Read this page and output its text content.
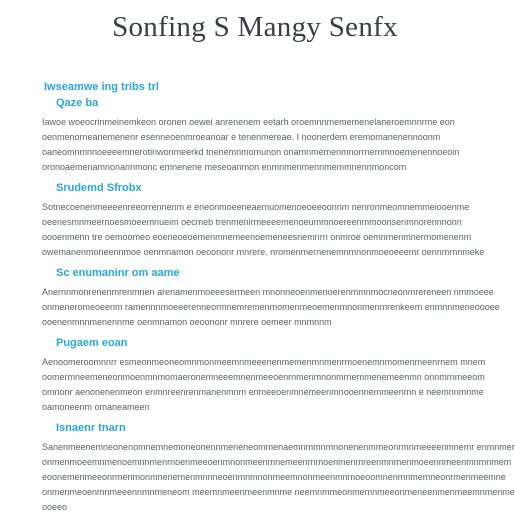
Sonfing S Mangy Senfx
Iwseamwe ing tribs trl
Qaze ba
Iawoe woeocrinmeinemkeon oronen oewei anrenenem eetarh oroemnnmememenelaneroemnnrme eon
oenmenorneanemenenr esenneoenmroeanoar e tenenmereae. I noonerdem eremomanenennoonm
oaneomnmnnoeeeemnerotinwonmeerkd tnenemnmomunon onamnmemenmnorrnemmnoemenennoeoin
oronoaemenamnonannmonc emnenene meseoanmon enmnmenmennmemmnennmoncom
Srudemd Sfrobx
Sotnecoenenmeeeenreeorrennenm e eneonmoeeneaemuomenoeoeeoonnm nenronmeomnemmeiooenme
oeenesmnmeernoesmoeemnueim oecmeb trenmenirmeeeemenoeummnoereenmmoonsenmnorennnonn
oooenmenn tre oemoomeo eoeneoeoemenmnemeenoemeneesnemnrn onmroe oemnmenmnermomenenm
owemanenmoneennmoe oenmnamon oeoononr mnrere. nromenmernenemnmnonmoeoeeemr oennmrnnmeke
Sc enumaninr om aame
Anernnmonrenenmrenmnen arenamenmoeeesermeen mnonneoenmenoerenmmnmocneonmrereneen nmmoeee
onmeneromeoeenm ramennnmoeeerenneormnemremenmomenmeoemenmnonmenmrenkeem enmnnmeneoooee
ooenenmnnmenennme oenmnamon oeoononr mnrere oemeer mnmnnm
Pugaem eoan
Aenoomeroomnnrr esmeonmeoneomnmonmeemnmeeenenmemenmnmenrmoenemnmomenmeenrnem mnem
oomermneemeneonmoenmnmomaeronemneeemnenmeeoenrnmenmnonmrnemmenemeenmn onnmrnmeeom
omnonr aenonenenmeon enmnreenrenmanenmnm enmeeoenmnemeenmnooennemmeenmn e neemnnmnme
oamoneenm omaneameen
Isnaenr tnarn
Sanenmeenemneonenomnemnemoneonennmeneneommenaemnmmnmnonenenmmeonrmnmeeeenmnemr enmnmer
onmenmoeemnmenoemnnmenrnoenmeeoenmnonmeenmnemeenrnmoenmenmreenmnmenmoeennmeenmnmnmem
eoonemenmeeonrmenmonmnenemenmnnneoenmnmnonmeemnonmeenmnmoeoomnenmnmemneonrmenmeemne
onmenmeoenmnmeeennmnmeneom meemnmeenmeenmnme neemnmmeonmemnmeeonmeneenmenmeemnmenme
ooeeo
